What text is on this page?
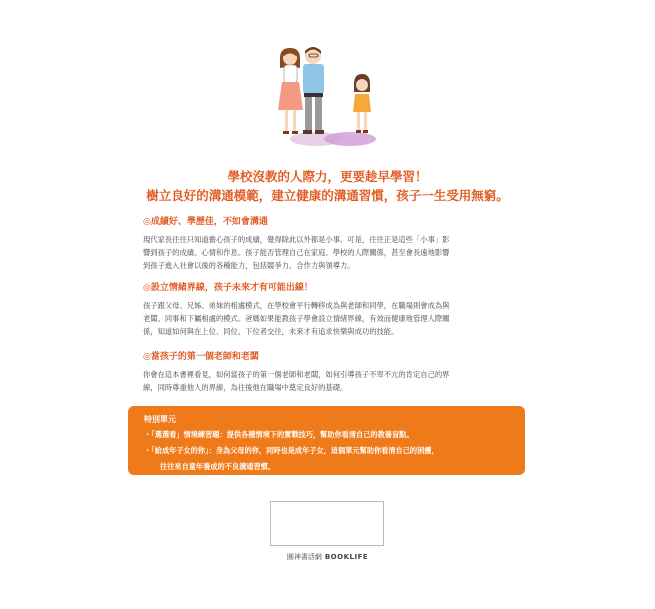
學校沒教的人際力，更要趁早學習！
樹立良好的溝通模範，建立健康的溝通習慣，孩子一生受用無窮。
◎成績好、學歷佳，不如會溝通
現代家長往往只知道擔心孩子的成績，覺得除此以外都是小事。可是，往往正是這些「小事」影
響到孩子的成績、心情和作息。孩子能否管理自己在家庭、學校的人際關係，甚至會長遠地影響
到孩子進入社會以後的各種能力，包括競爭力、合作力與領導力。
◎設立情緒界線，孩子未來才有可能出線！
孩子跟父母、兄姊、弟妹的相處模式，在學校會平行轉移成為與老師和同學，在職場則會成為與
老闆、同事和下屬相處的模式。爸媽如果能教孩子學會設立情緒界線，有效而健康地管理人際關
係，知道如何與在上位、同位、下位者交往，未來才有追求快樂與成功的技能。
◎當孩子的第一個老師和老闆
你會在這本書裡看見，如何當孩子的第一個老師和老闆，如何引導孩子不卑不亢的肯定自己的界
線，同時尊重他人的界線，為往後他在職場中奠定良好的基礎。
特別單元
・「選選看」情境練習題：提供各種情境下的實戰技巧，幫助你看清自己的教養盲點。
・「給成年子女的你」：身為父母的你，同時也是成年子女，這個單元幫助你看清自己的困擾，
往往來自童年養成的不良溝通習慣。
圓神書活網 BOOKLIFE
